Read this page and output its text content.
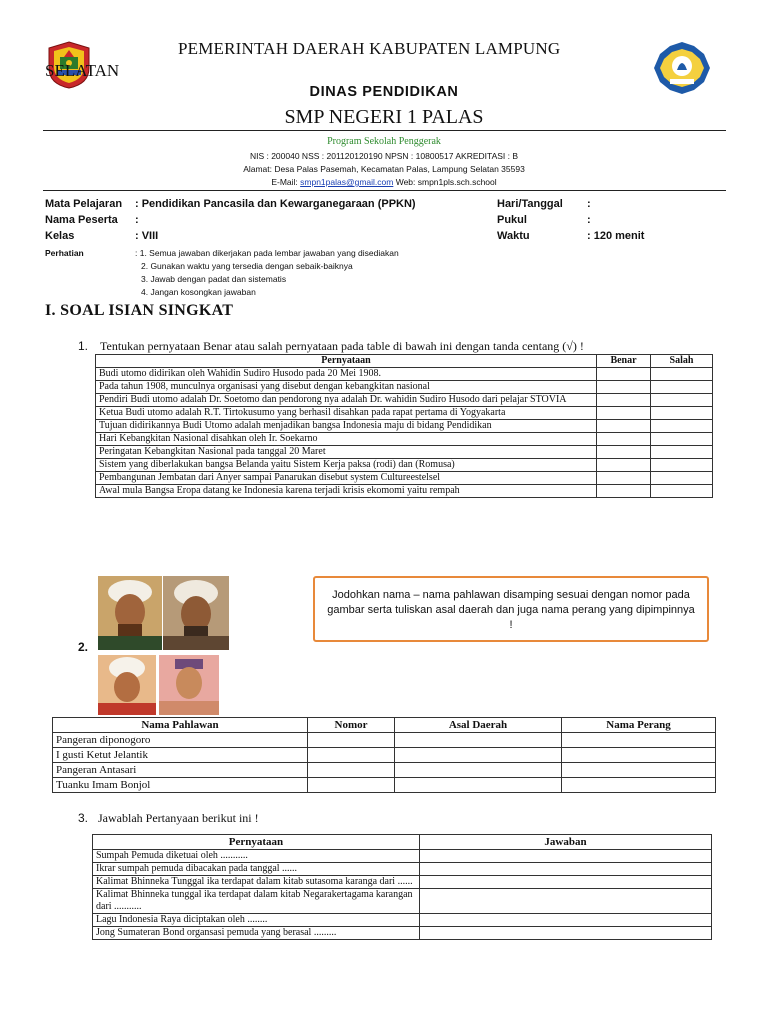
PEMERINTAH DAERAH KABUPATEN LAMPUNG
SELATAN
DINAS PENDIDIKAN
SMP NEGERI 1 PALAS
Program Sekolah Penggerak
NIS : 200040 NSS : 201120120190 NPSN : 10800517 AKREDITASI : B
Alamat: Desa Palas Pasemah, Kecamatan Palas, Lampung Selatan 35593
E-Mail: smpn1palas@gmail.com Web: smpn1pls.sch.school
Mata Pelajaran : Pendidikan Pancasila dan Kewarganegaraan (PPKN)
Nama Peserta :
Kelas	: VIII
Hari/Tanggal :
Pukul	:
Waktu	: 120 menit
Perhatian	: 1. Semua jawaban dikerjakan pada lembar jawaban yang disediakan
2. Gunakan waktu yang tersedia dengan sebaik-baiknya
3. Jawab dengan padat dan sistematis
4. Jangan kosongkan jawaban
I. SOAL ISIAN SINGKAT
1. Tentukan pernyataan Benar atau salah pernyataan pada table di bawah ini dengan tanda centang (√) !
Pernyataan	Benar	Salah
Budi utomo didirikan oleh Wahidin Sudiro Husodo pada 20 Mei 1908.		
Pada tahun 1908, munculnya organisasi yang disebut dengan kebangkitan nasional		
Pendiri Budi utomo adalah Dr. Soetomo dan pendorong nya adalah Dr. wahidin Sudiro Husodo dari pelajar STOVIA		
Ketua Budi utomo adalah R.T. Tirtokusumo yang berhasil disahkan pada rapat pertama di Yogyakarta		
Tujuan didirikannya Budi Utomo adalah menjadikan bangsa Indonesia maju di bidang Pendidikan		
Hari Kebangkitan Nasional disahkan oleh Ir. Soekarno		
Peringatan Kebangkitan Nasional pada tanggal 20 Maret		
Sistem yang diberlakukan bangsa Belanda yaitu Sistem Kerja paksa (rodi) dan (Romusa)		
Pembangunan Jembatan dari Anyer sampai Panarukan disebut system Cultureestelsel		
Awal mula Bangsa Eropa datang ke Indonesia karena terjadi krisis ekomomi yaitu rempah		
2.
Jodohkan nama – nama pahlawan disamping sesuai dengan nomor pada gambar serta tuliskan asal daerah dan juga nama perang yang dipimpinnya !
Nama Pahlawan	Nomor	Asal Daerah	Nama Perang
Pangeran diponogoro			
I gusti Ketut Jelantik			
Pangeran Antasari			
Tuanku Imam Bonjol			
3. Jawablah Pertanyaan berikut ini !
Pernyataan	Jawaban
Sumpah Pemuda diketuai oleh ...........	
Ikrar sumpah pemuda dibacakan pada tanggal ......	
Kalimat Bhinneka Tunggal ika terdapat dalam kitab sutasoma karanga dari ......	
Kalimat Bhinneka tunggal ika terdapat dalam kitab Negarakertagama karangan dari ...........	
Lagu Indonesia Raya diciptakan oleh ........	
Jong Sumateran Bond organsasi pemuda yang berasal .........	
